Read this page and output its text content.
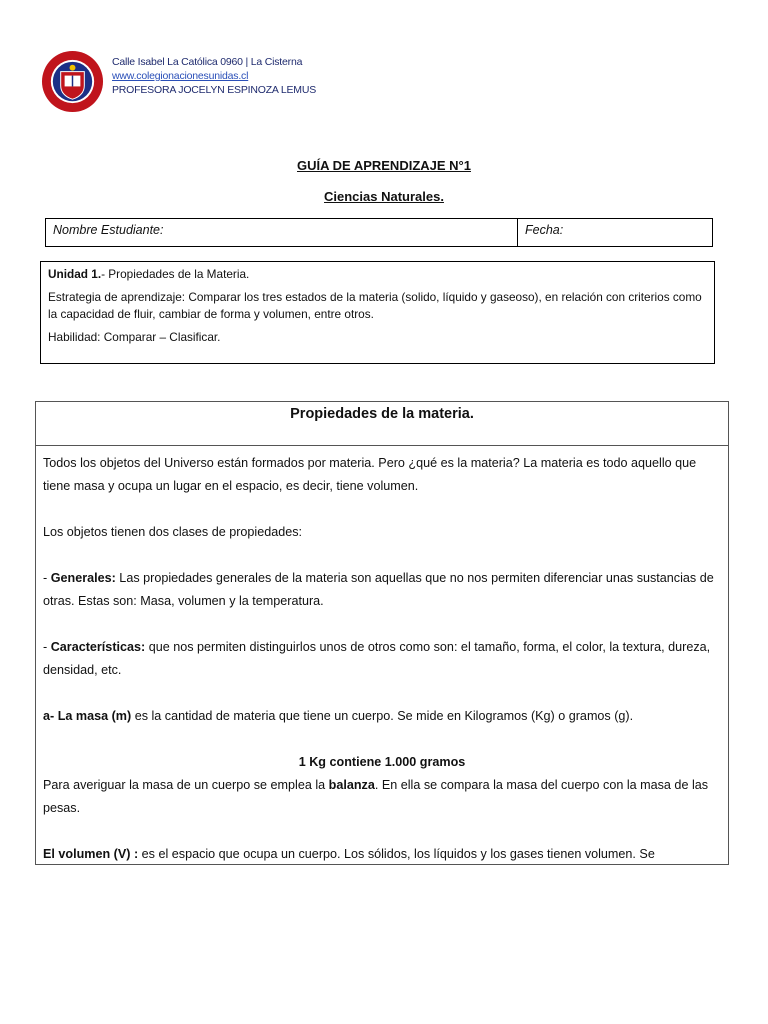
Calle Isabel La Católica 0960 | La Cisterna
www.colegionacionesunidas.cl
PROFESORA JOCELYN ESPINOZA LEMUS
GUÍA DE APRENDIZAJE N°1
Ciencias Naturales.
Nombre Estudiante:	Fecha:

Unidad 1.- Propiedades de la Materia.

Estrategia de aprendizaje: Comparar los tres estados de la materia (solido, líquido y gaseoso), en relación con criterios como la capacidad de fluir, cambiar de forma y volumen, entre otros.

Habilidad: Comparar – Clasificar.

Propiedades de la materia.

Todos los objetos del Universo están formados por materia. Pero ¿qué es la materia? La materia es todo aquello que tiene masa y ocupa un lugar en el espacio, es decir, tiene volumen.

Los objetos tienen dos clases de propiedades:

- Generales: Las propiedades generales de la materia son aquellas que no nos permiten diferenciar unas sustancias de otras. Estas son: Masa, volumen y la temperatura.

- Características: que nos permiten distinguirlos unos de otros como son: el tamaño, forma, el color, la textura, dureza, densidad, etc.

a- La masa (m) es la cantidad de materia que tiene un cuerpo. Se mide en Kilogramos (Kg) o gramos (g).

1 Kg contiene 1.000 gramos

Para averiguar la masa de un cuerpo se emplea la balanza. En ella se compara la masa del cuerpo con la masa de las pesas.

El volumen (V) : es el espacio que ocupa un cuerpo. Los sólidos, los líquidos y los gases tienen volumen. Se
